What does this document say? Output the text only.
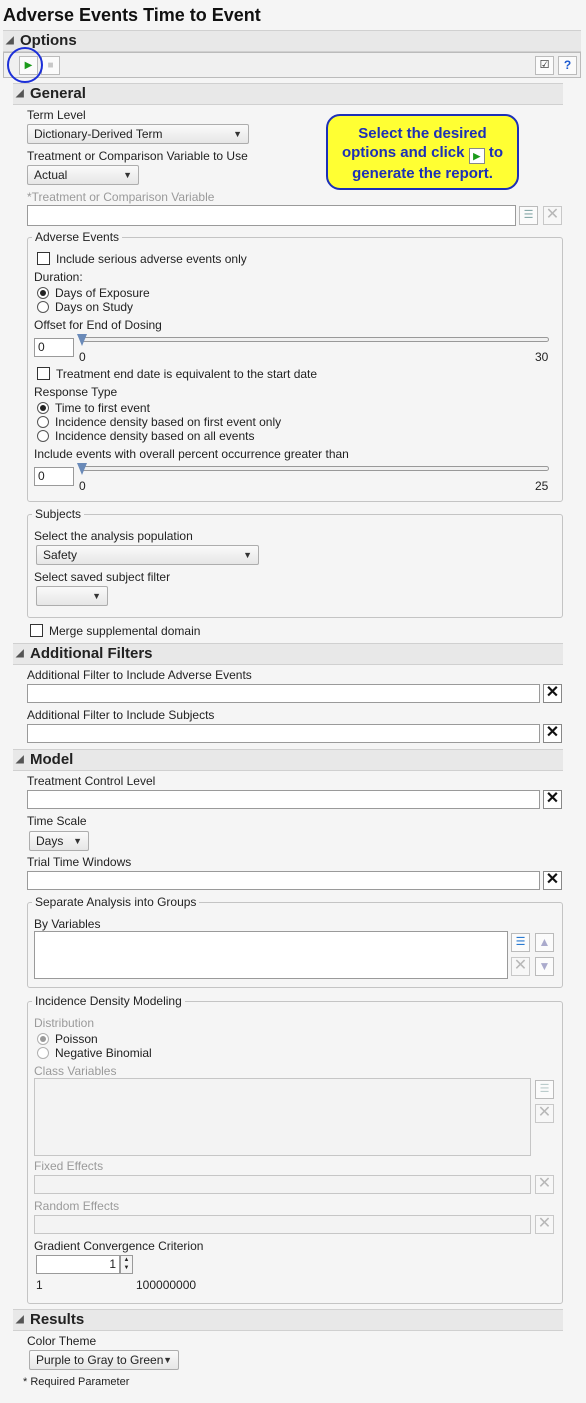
Adverse Events Time to Event
◢ Options
▶	■	☑	?
◢ General
Term Level
Dictionary-Derived Term	▼
Treatment or Comparison Variable to Use
Actual	▼
*Treatment or Comparison Variable
☰ ✕
Select the desired
options and click ▶ to
generate the report.
Adverse Events
Include serious adverse events only
Duration:
Days of Exposure
Days on Study
Offset for End of Dosing
0
0	30
Treatment end date is equivalent to the start date
Response Type
Time to first event
Incidence density based on first event only
Incidence density based on all events
Include events with overall percent occurrence greater than
0
0	25
Subjects
Select the analysis population
Safety	▼
Select saved subject filter
▼
Merge supplemental domain
◢ Additional Filters
Additional Filter to Include Adverse Events
✕
Additional Filter to Include Subjects
✕
◢ Model
Treatment Control Level
✕
Time Scale
Days ▼
Trial Time Windows
✕
Separate Analysis into Groups
By Variables
☰	▲
✕ ▼
Incidence Density Modeling
Distribution
Poisson
Negative Binomial
Class Variables
☰
✕
Fixed Effects
✕
Random Effects
✕
Gradient Convergence Criterion
1	▲
▼
1	100000000
◢ Results
Color Theme
Purple to Gray to Green ▼
* Required Parameter
